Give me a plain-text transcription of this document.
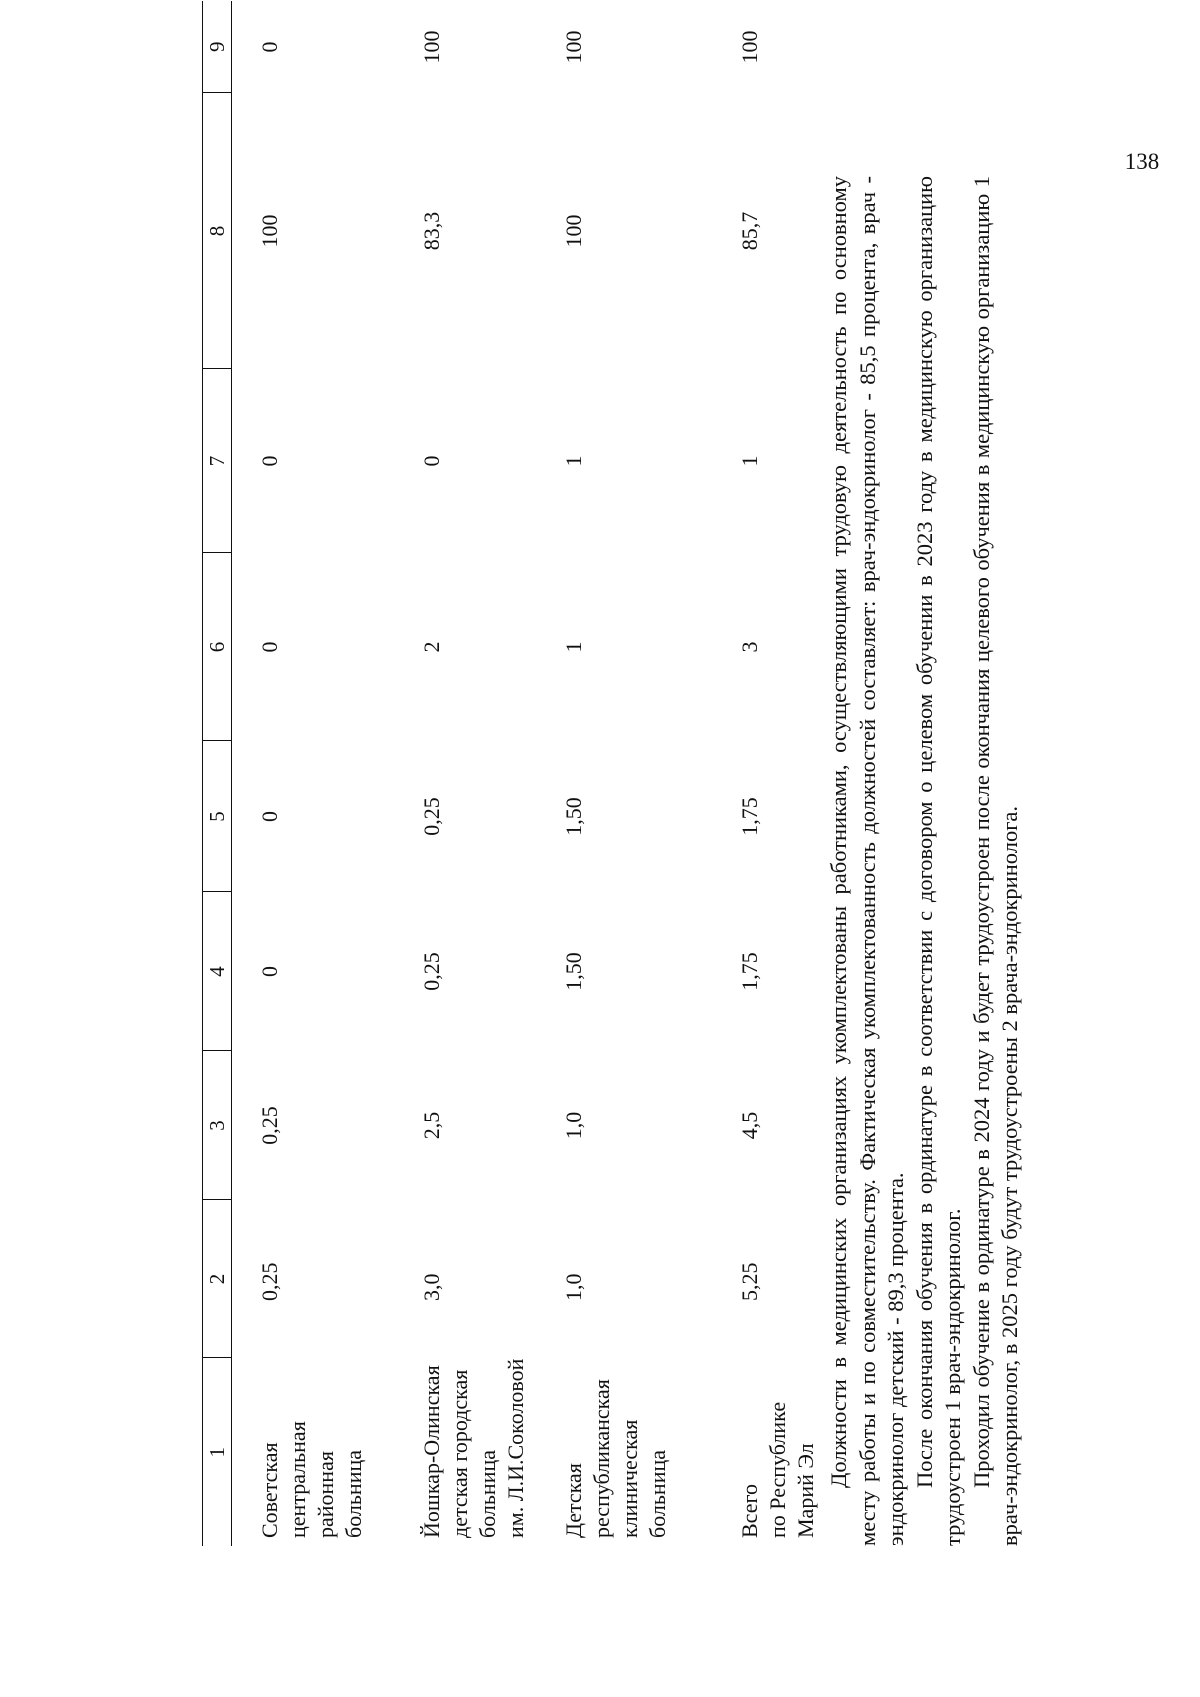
138
1	2	3	4	5	6	7	8	9

Советская центральная районная больница	0,25	0,25	0	0	0	0	100	0

Йошкар-Олинская детская городская больница им. Л.И.Соколовой	3,0	2,5	0,25	0,25	2	0	83,3	100

Детская республиканская клиническая больница	1,0	1,0	1,50	1,50	1	1	100	100

Всего по Республике Марий Эл	5,25	4,5	1,75	1,75	3	1	85,7	100

Должности в медицинских организациях укомплектованы работниками, осуществляющими трудовую деятельность по основному месту работы и по совместительству. Фактическая укомплектованность должностей составляет: врач-эндокринолог - 85,5 процента, врач - эндокринолог детский - 89,3 процента. После окончания обучения в ординатуре в соответствии с договором о целевом обучении в 2023 году в медицинскую организацию трудоустроен 1 врач-эндокринолог. Проходил обучение в ординатуре в 2024 году и будет трудоустроен после окончания целевого обучения в медицинскую организацию 1 врач-эндокринолог, в 2025 году будут трудоустроены 2 врача-эндокринолога.
